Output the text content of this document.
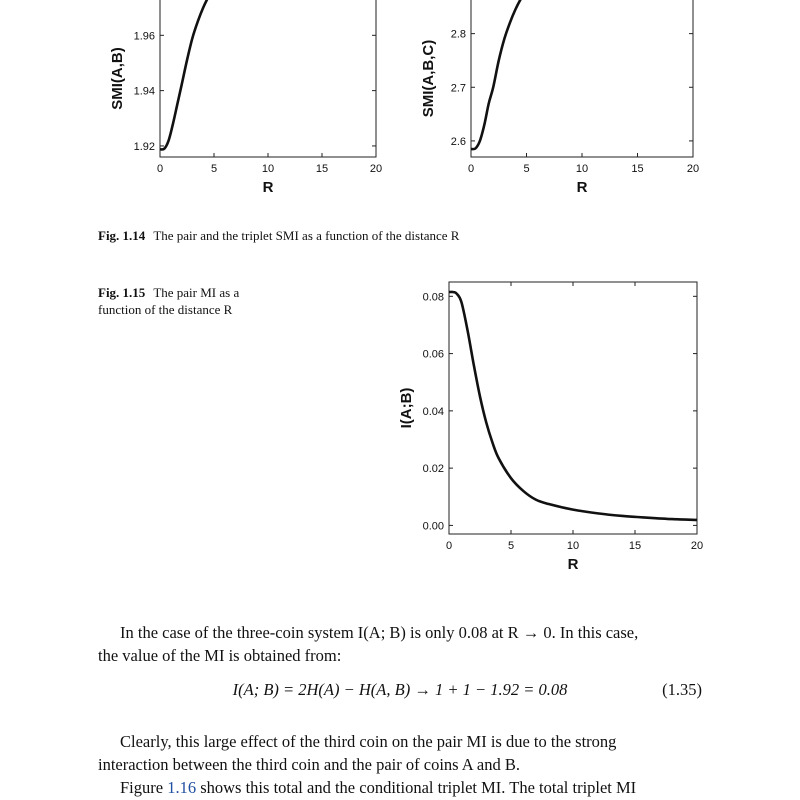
0	5	10	15	20
1.92
1.94
1.96
R
SMI(A,B)
0	5	10	15	20
2.6
2.7
2.8
R
SMI(A,B,C)
0	5	10	15	20
0.00
0.02
0.04
0.06
0.08
R
I(A;B)
Fig. 1.14 The pair and the triplet SMI as a function of the distance R
Fig. 1.15 The pair MI as a
function of the distance R
In the case of the three-coin system I(A; B) is only 0.08 at R → 0. In this case,
the value of the MI is obtained from:
I(A; B) = 2H(A) − H(A, B) → 1 + 1 − 1.92 = 0.08	(1.35)
Clearly, this large effect of the third coin on the pair MI is due to the strong
interaction between the third coin and the pair of coins A and B.
Figure 1.16 shows this total and the conditional triplet MI. The total triplet MI
